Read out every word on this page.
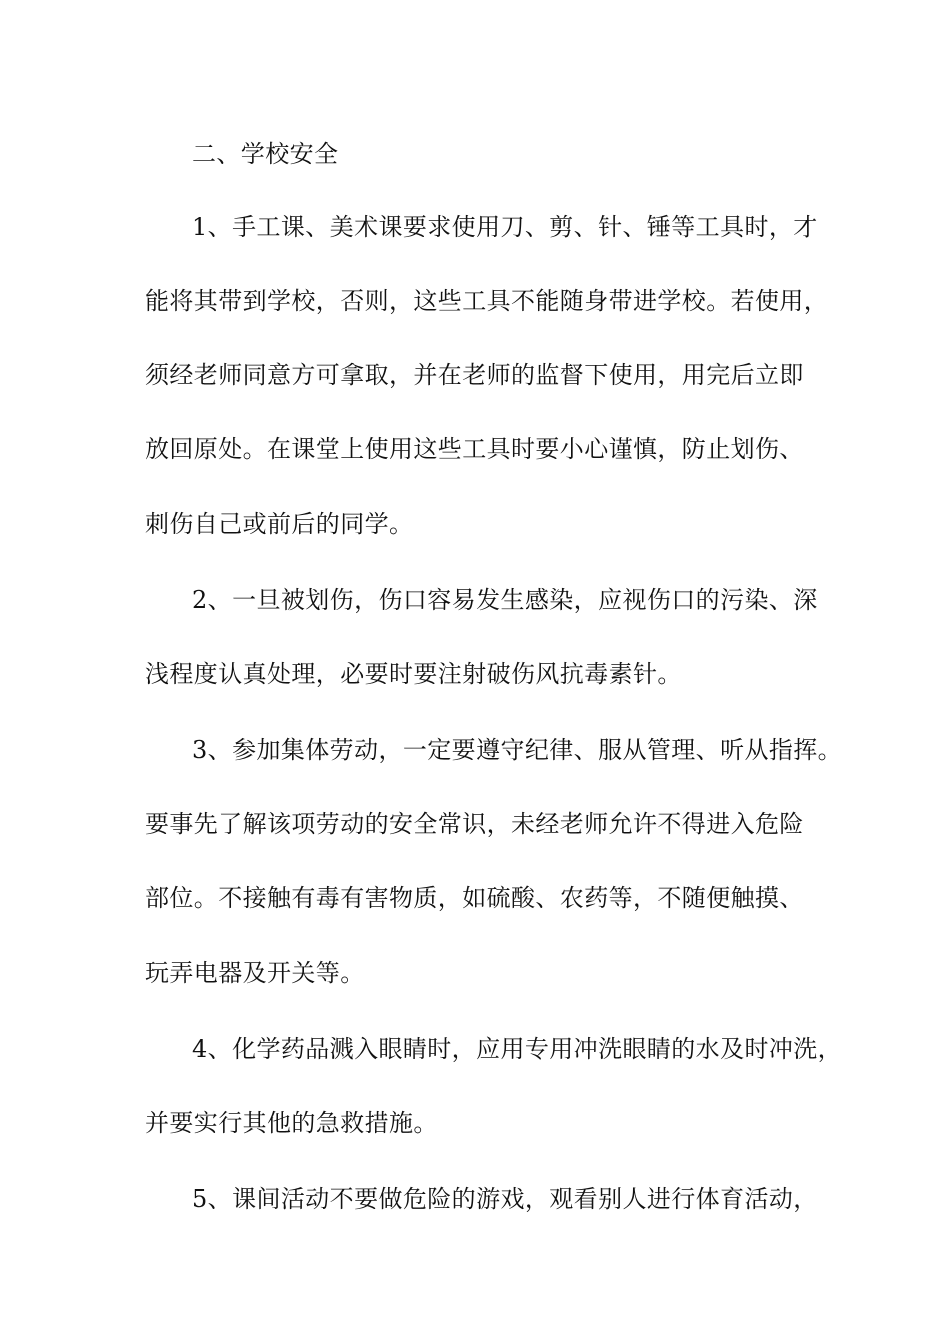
二、学校安全
1、手工课、美术课要求使用刀、剪、针、锤等工具时，才
能将其带到学校，否则，这些工具不能随身带进学校。若使用，
须经老师同意方可拿取，并在老师的监督下使用，用完后立即
放回原处。在课堂上使用这些工具时要小心谨慎，防止划伤、
刺伤自己或前后的同学。
2、一旦被划伤，伤口容易发生感染，应视伤口的污染、深
浅程度认真处理，必要时要注射破伤风抗毒素针。
3、参加集体劳动，一定要遵守纪律、服从管理、听从指挥。
要事先了解该项劳动的安全常识，未经老师允许不得进入危险
部位。不接触有毒有害物质，如硫酸、农药等，不随便触摸、
玩弄电器及开关等。
4、化学药品溅入眼睛时，应用专用冲洗眼睛的水及时冲洗，
并要实行其他的急救措施。
5、课间活动不要做危险的游戏，观看别人进行体育活动，
